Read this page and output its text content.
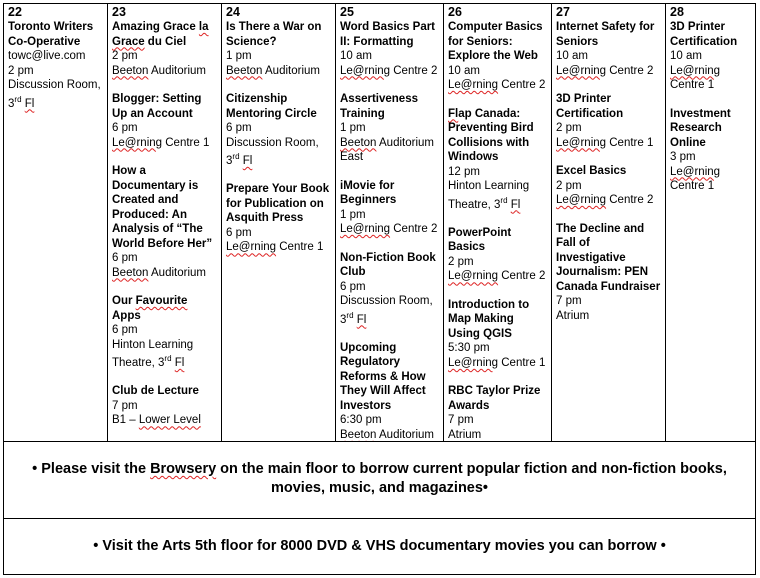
22
Toronto Writers Co-Operative
towc@live.com
2 pm
Discussion Room, 3rd Fl
23
Amazing Grace la Grace du Ciel
2 pm
Beeton Auditorium
Blogger: Setting Up an Account
6 pm
Le@rning Centre 1
How a Documentary is Created and Produced: An Analysis of “The World Before Her”
6 pm
Beeton Auditorium
Our Favourite Apps
6 pm
Hinton Learning Theatre, 3rd Fl
Club de Lecture
7 pm
B1 – Lower Level
24
Is There a War on Science?
1 pm
Beeton Auditorium
Citizenship Mentoring Circle
6 pm
Discussion Room, 3rd Fl
Prepare Your Book for Publication on Asquith Press
6 pm
Le@rning Centre 1
25
Word Basics Part II: Formatting
10 am
Le@rning Centre 2
Assertiveness Training
1 pm
Beeton Auditorium East
iMovie for Beginners
1 pm
Le@rning Centre 2
Non-Fiction Book Club
6 pm
Discussion Room, 3rd Fl
Upcoming Regulatory Reforms & How They Will Affect Investors
6:30 pm
Beeton Auditorium
26
Computer Basics for Seniors: Explore the Web
10 am
Le@rning Centre 2
Flap Canada: Preventing Bird Collisions with Windows
12 pm
Hinton Learning Theatre, 3rd Fl
PowerPoint Basics
2 pm
Le@rning Centre 2
Introduction to Map Making Using QGIS
5:30 pm
Le@rning Centre 1
RBC Taylor Prize Awards
7 pm
Atrium
27
Internet Safety for Seniors
10 am
Le@rning Centre 2
3D Printer Certification
2 pm
Le@rning Centre 1
Excel Basics
2 pm
Le@rning Centre 2
The Decline and Fall of Investigative Journalism: PEN Canada Fundraiser
7 pm
Atrium
28
3D Printer Certification
10 am
Le@rning Centre 1
Investment Research Online
3 pm
Le@rning Centre 1
• Please visit the Browsery on the main floor to borrow current popular fiction and non-fiction books, movies, music, and magazines•
• Visit the Arts 5th floor for 8000 DVD & VHS documentary movies you can borrow •
